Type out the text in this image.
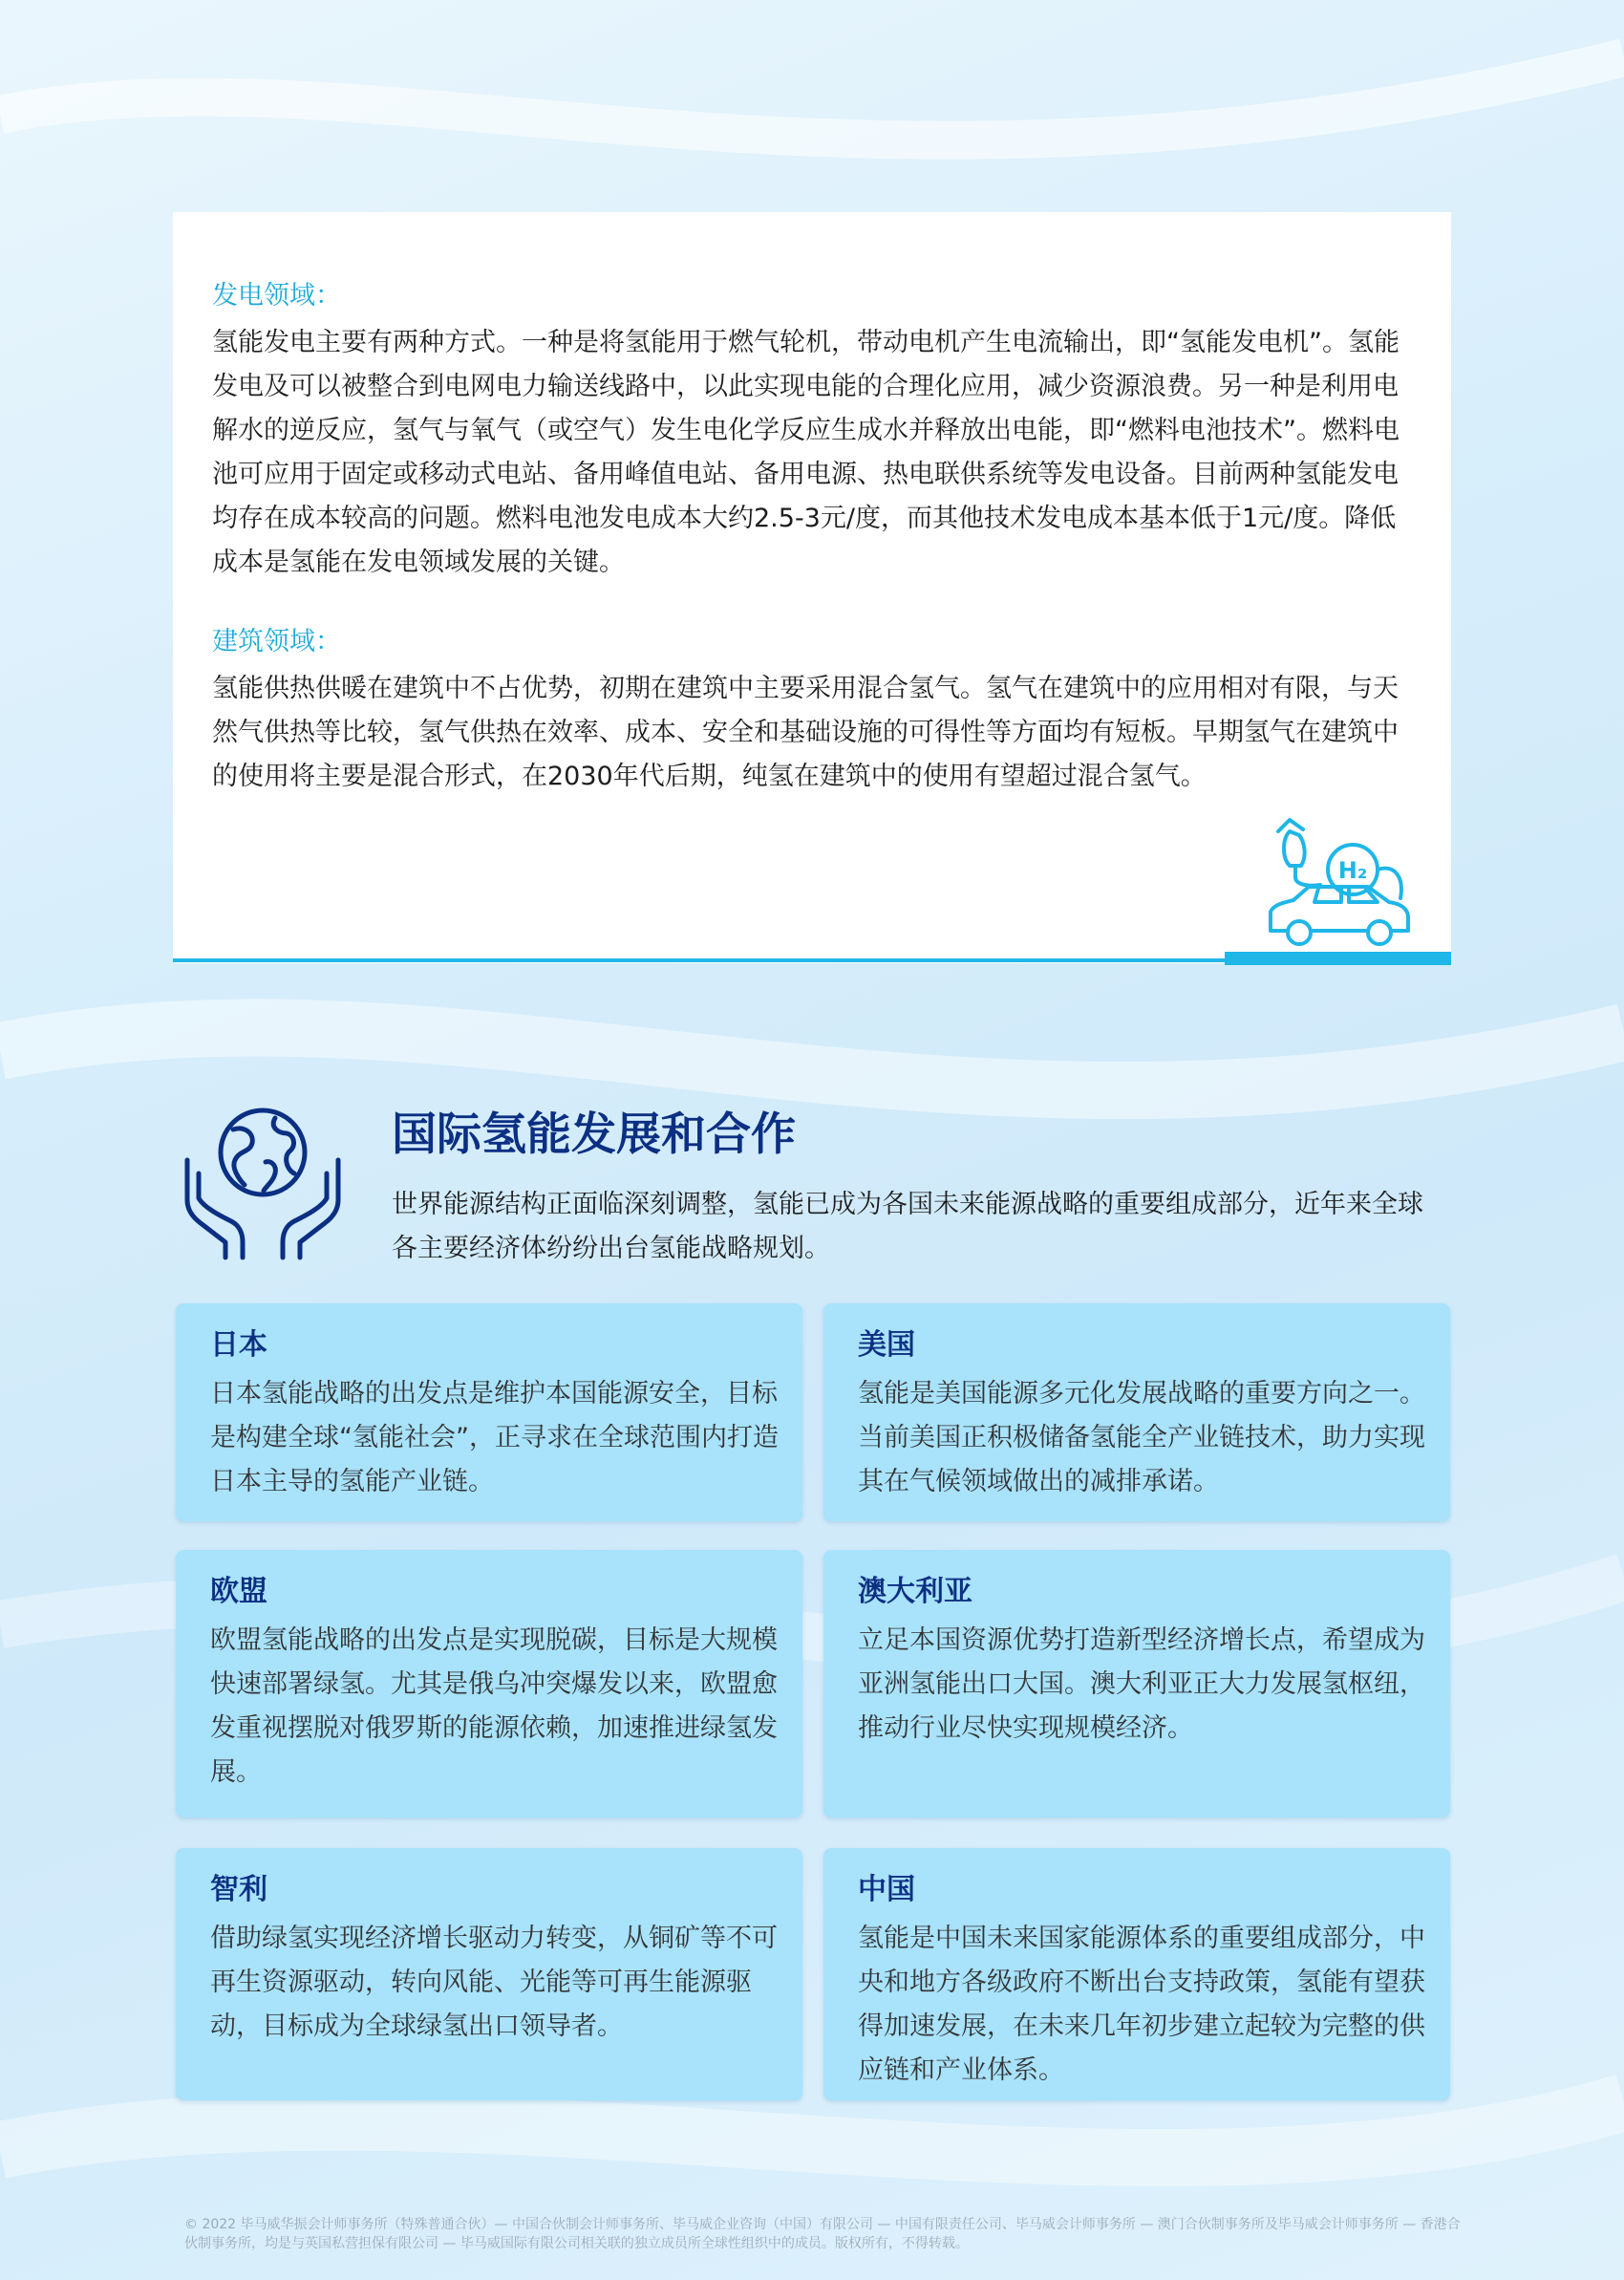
发电领域：
氢能发电主要有两种方式。一种是将氢能用于燃气轮机，带动电机产生电流输出，即“氢能发电机”。氢能发电及可以被整合到电网电力输送线路中，以此实现电能的合理化应用，减少资源浪费。另一种是利用电解水的逆反应，氢气与氧气（或空气）发生电化学反应生成水并释放出电能，即“燃料电池技术”。燃料电池可应用于固定或移动式电站、备用峰值电站、备用电源、热电联供系统等发电设备。目前两种氢能发电均存在成本较高的问题。燃料电池发电成本大约2.5-3元/度，而其他技术发电成本基本低于1元/度。降低成本是氢能在发电领域发展的关键。
建筑领域：
氢能供热供暖在建筑中不占优势，初期在建筑中主要采用混合氢气。氢气在建筑中的应用相对有限，与天然气供热等比较，氢气供热在效率、成本、安全和基础设施的可得性等方面均有短板。早期氢气在建筑中的使用将主要是混合形式，在2030年代后期，纯氢在建筑中的使用有望超过混合氢气。
H₂
国际氢能发展和合作
世界能源结构正面临深刻调整，氢能已成为各国未来能源战略的重要组成部分，近年来全球各主要经济体纷纷出台氢能战略规划。
日本
日本氢能战略的出发点是维护本国能源安全，目标是构建全球“氢能社会”，正寻求在全球范围内打造日本主导的氢能产业链。
美国
氢能是美国能源多元化发展战略的重要方向之一。当前美国正积极储备氢能全产业链技术，助力实现其在气候领域做出的减排承诺。
欧盟
欧盟氢能战略的出发点是实现脱碳，目标是大规模快速部署绿氢。尤其是俄乌冲突爆发以来，欧盟愈发重视摆脱对俄罗斯的能源依赖，加速推进绿氢发展。
澳大利亚
立足本国资源优势打造新型经济增长点，希望成为亚洲氢能出口大国。澳大利亚正大力发展氢枢纽，推动行业尽快实现规模经济。
智利
借助绿氢实现经济增长驱动力转变，从铜矿等不可再生资源驱动，转向风能、光能等可再生能源驱动，目标成为全球绿氢出口领导者。
中国
氢能是中国未来国家能源体系的重要组成部分，中央和地方各级政府不断出台支持政策，氢能有望获得加速发展，在未来几年初步建立起较为完整的供应链和产业体系。
© 2022 毕马威华振会计师事务所（特殊普通合伙）— 中国合伙制会计师事务所、毕马威企业咨询（中国）有限公司 — 中国有限责任公司、毕马威会计师事务所 — 澳门合伙制事务所及毕马威会计师事务所 — 香港合伙制事务所，均是与英国私营担保有限公司 — 毕马威国际有限公司相关联的独立成员所全球性组织中的成员。版权所有，不得转载。
